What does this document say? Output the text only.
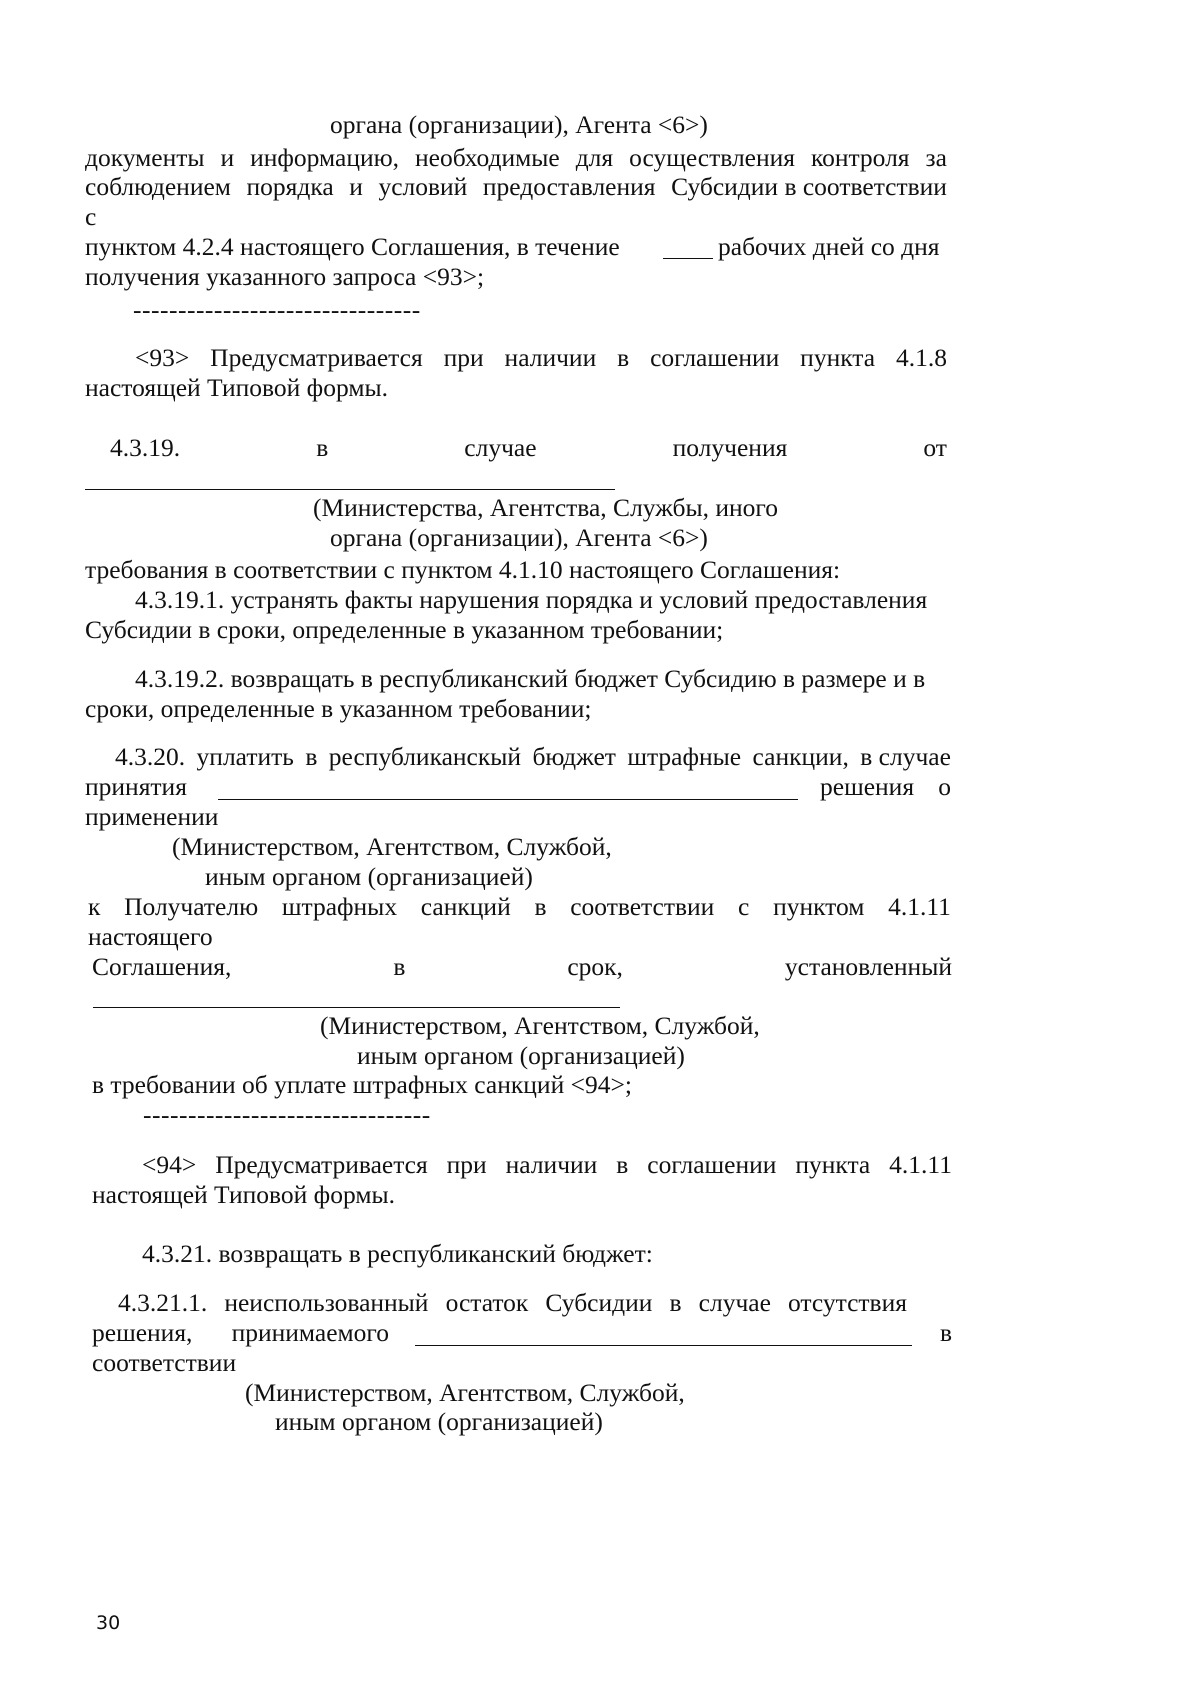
органа (организации), Агента <6>)
документы и информацию, необходимые для осуществления контроля за
соблюдением порядка и условий предоставления Субсидии в соответствии
с
пунктом 4.2.4 настоящего Соглашения, в течение	рабочих дней со дня
получения указанного запроса <93>;
--------------------------------
<93> Предусматривается при наличии в соглашении пункта 4.1.8
настоящей Типовой формы.
4.3.19.	в	случае	получения	от
(Министерства, Агентства, Службы, иного
органа (организации), Агента <6>)
требования в соответствии с пунктом 4.1.10 настоящего Соглашения:
4.3.19.1. устранять факты нарушения порядка и условий предоставления
Субсидии в сроки, определенные в указанном требовании;
4.3.19.2. возвращать в республиканский бюджет Субсидию в размере и в
сроки, определенные в указанном требовании;
4.3.20. уплатить в республиканскый бюджет штрафные санкции, в случае
принятия	решения о
применении
(Министерством, Агентством, Службой,
иным органом (организацией)
к Получателю штрафных санкций в соответствии с пунктом 4.1.11
настоящего
Соглашения,	в	срок,	установленный
(Министерством, Агентством, Службой,
иным органом (организацией)
в требовании об уплате штрафных санкций <94>;
--------------------------------
<94> Предусматривается при наличии в соглашении пункта 4.1.11
настоящей Типовой формы.
4.3.21. возвращать в республиканский бюджет:
4.3.21.1. неиспользованный остаток Субсидии в случае отсутствия
решения, принимаемого	в
соответствии
(Министерством, Агентством, Службой,
иным органом (организацией)
30
